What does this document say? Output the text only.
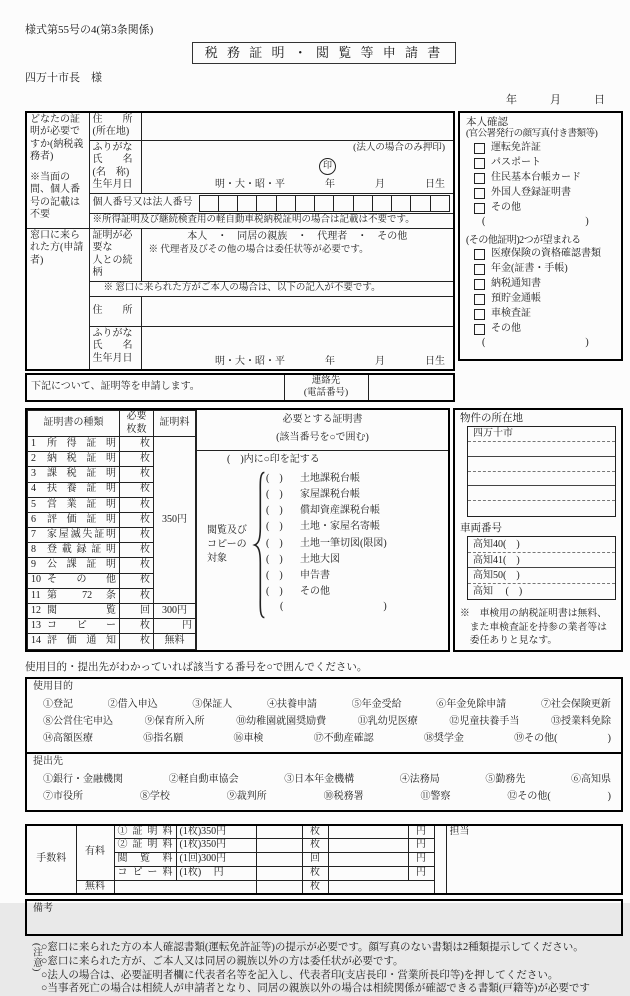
様式第55号の4(第3条関係)
税 務 証 明 ・ 閲 覧 等 申 請 書
四万十市長　様
年　　　月　　　日
どなたの証明が必要ですか(納税義務者)
※当面の間、個人番号の記載は不要

住　　所
(所在地)

ふりがな
氏　　名
(名　称)
生年月日

(法人の場合のみ押印)
印
明・大・昭・平　　　　年　　　　月　　　　日生

	個人番号又は法人番号	

	※所得証明及び継続検査用の軽自動車税納税証明の場合は記載は不要です。	

窓口に来られた方(申請者)

証明が必要な
人との続柄

本人　・　同居の親族　・　代理者　・　その他
※ 代理者及びその他の場合は委任状等が必要です。

	※ 窓口に来られた方がご本人の場合は、以下の記入が不要です。	

	住　　所	

	ふりがな
氏　　名
生年月日	明・大・昭・平　　　　年　　　　月　　　　日生
下記について、証明等を申請します。	
連絡先
(電話番号)

本人確認
(官公署発行の顔写真付き書類等)
運転免許証
パスポート
住民基本台帳カード
外国人登録証明書
その他
(　　　　　　　　　　)
(その他証明)2つが望まれる
医療保険の資格確認書類
年金(証書・手帳)
納税通知書
預貯金通帳
車検査証
その他
(　　　　　　　　　　)
証明書の種類	必要枚数	証明料

1 所得証明	枚	350円

2 納税証明	枚	

3 課税証明	枚	

4 扶養証明	枚	

5 営業証明	枚	

6 評価証明	枚	

7 家屋滅失証明	枚	

8 登載録証明	枚	

9 公課証明	枚	

10 その他	枚	

11 第 72 条	枚	

12 閲　覧	回	300円

13 コピー	枚	円

14 評価通知	枚	無料
必要とする証明書
(該当番号を○で囲む)
(　)内に○印を記する
閲覧及び
コピーの
対象
(　)	土地課税台帳
(　)	家屋課税台帳
(　)	償却資産課税台帳
(　)	土地・家屋名寄帳
(　)	土地一筆切図(限図)
(　)	土地大図
(　)	申告書
(　)	その他
(　　　　　　　　　　)
物件の所在地
四万十市
車両番号
高知40(　)
高知41(　)
高知50(　)
高知　 (　)
※　車検用の納税証明書は無料、また車検査証を持参の業者等は委任ありと見なす。
使用目的・提出先がわかっていれば該当する番号を○で囲んでください。
使用目的
①登記	②借入申込	③保証人	④扶養申請	⑤年金受給	⑥年金免除申請	⑦社会保険更新
⑧公営住宅申込	⑨保育所入所	⑩幼稚園就園奨励費	⑪乳幼児医療	⑫児童扶養手当	⑬授業料免除
⑭高額医療	⑮指名願	⑯車検	⑰不動産確認	⑱奨学金	⑲その他(	)
提出先
①銀行・金融機関	②軽自動車協会	③日本年金機構	④法務局	⑤勤務先	⑥高知県
⑦市役所	⑧学校	⑨裁判所	⑩税務署	⑪警察	⑫その他(	)
手数料	有料	①証明料	(1枚)350円		枚		円		担当
		②証明料	(1枚)350円		枚		円		
		閲覧料	(1回)300円		回		円		
		コピー料	(1枚)　 円		枚		円		
	無料				枚				
備考
(注意) ○窓口に来られた方の本人確認書類(運転免許証等)の提示が必要です。顔写真のない書類は2種類提示してください。
○窓口に来られた方が、ご本人又は同居の親族以外の方は委任状が必要です。
○法人の場合は、必要証明者欄に代表者名等を記入し、代表者印(支店長印・営業所長印等)を押してください。
○当事者死亡の場合は相続人が申請者となり、同居の親族以外の場合は相続関係が確認できる書類(戸籍等)が必要です
